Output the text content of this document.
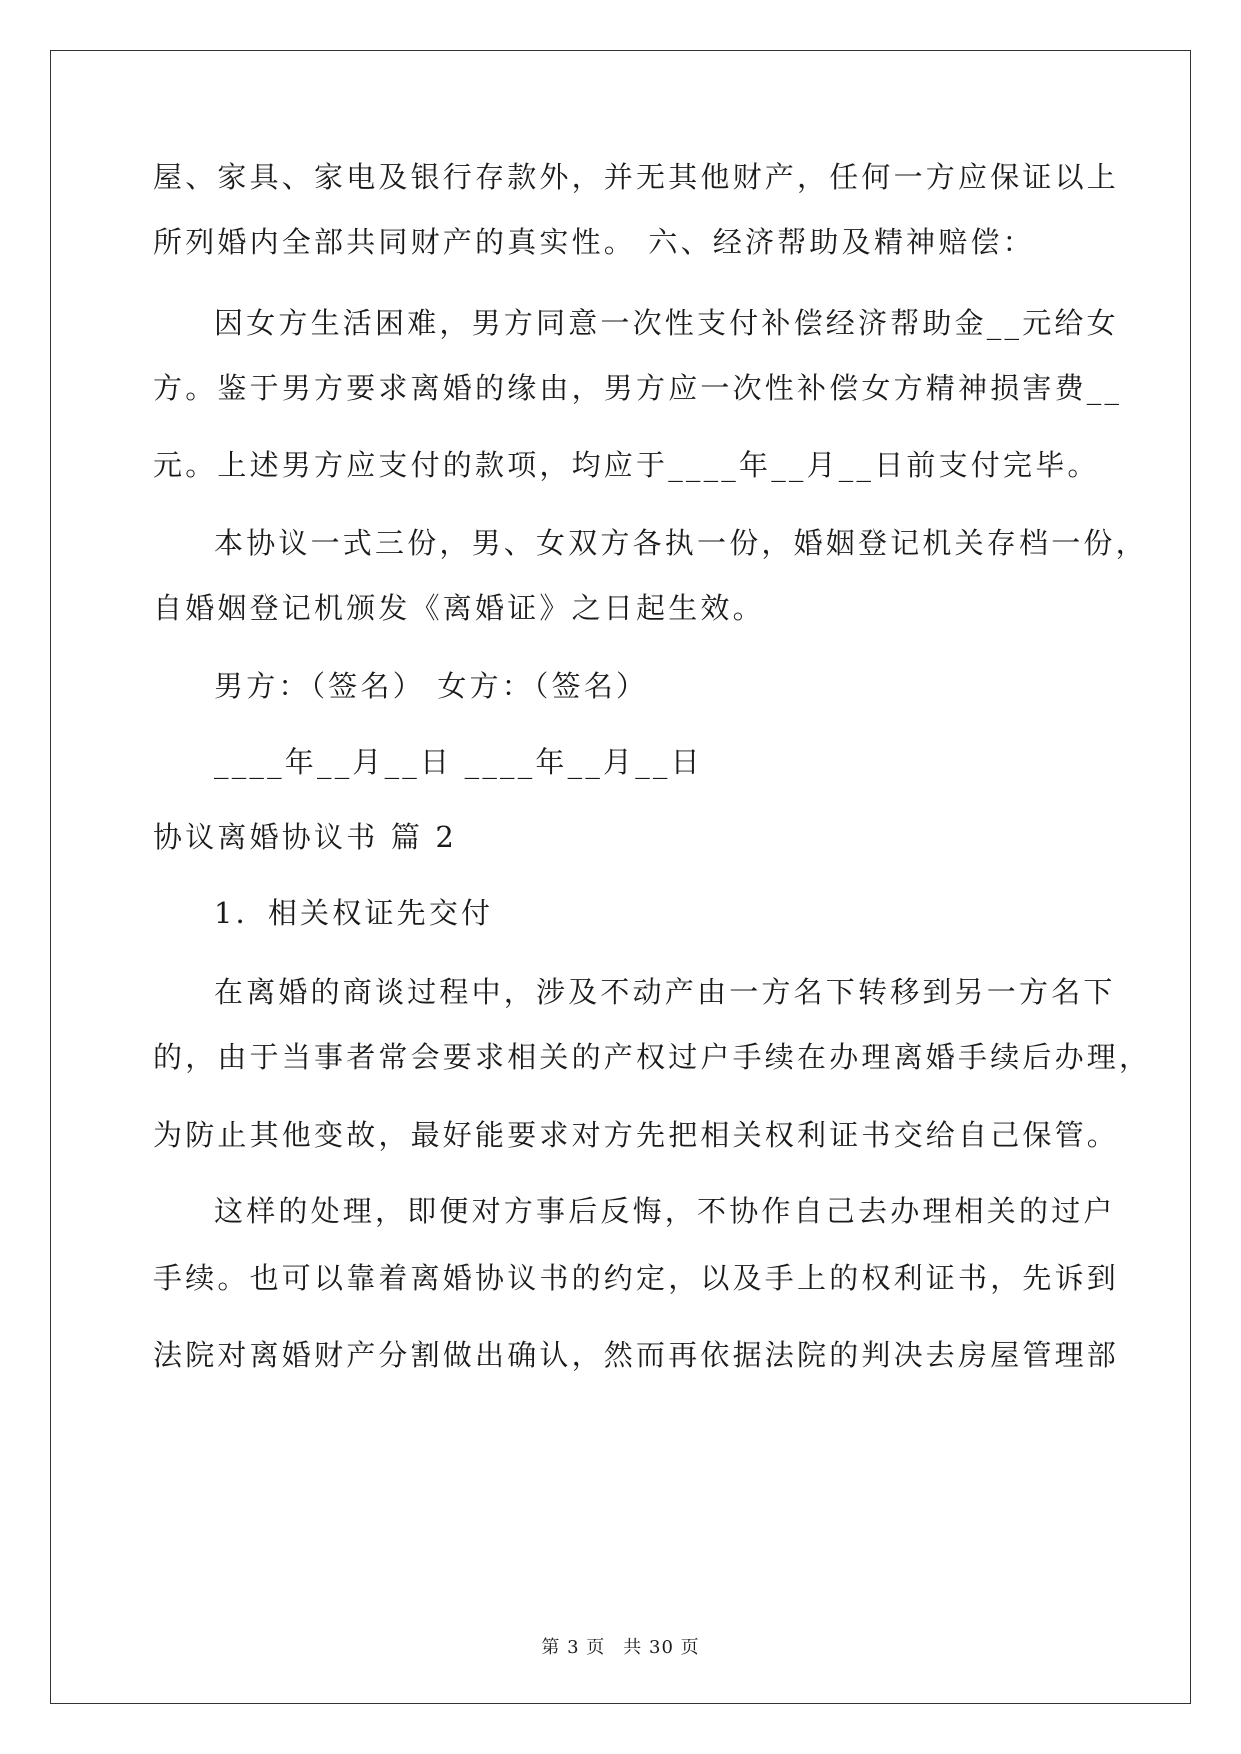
屋、家具、家电及银行存款外，并无其他财产，任何一方应保证以上
所列婚内全部共同财产的真实性。 六、经济帮助及精神赔偿：
因女方生活困难，男方同意一次性支付补偿经济帮助金__元给女
方。鉴于男方要求离婚的缘由，男方应一次性补偿女方精神损害费__
元。上述男方应支付的款项，均应于____年__月__日前支付完毕。
本协议一式三份，男、女双方各执一份，婚姻登记机关存档一份，
自婚姻登记机颁发《离婚证》之日起生效。
男方：（签名） 女方：（签名）
____年__月__日 ____年__月__日
协议离婚协议书 篇 2
1．相关权证先交付
在离婚的商谈过程中，涉及不动产由一方名下转移到另一方名下
的，由于当事者常会要求相关的产权过户手续在办理离婚手续后办理，
为防止其他变故，最好能要求对方先把相关权利证书交给自己保管。
这样的处理，即便对方事后反悔，不协作自己去办理相关的过户
手续。也可以靠着离婚协议书的约定，以及手上的权利证书，先诉到
法院对离婚财产分割做出确认，然而再依据法院的判决去房屋管理部
第 3 页 共 30 页
